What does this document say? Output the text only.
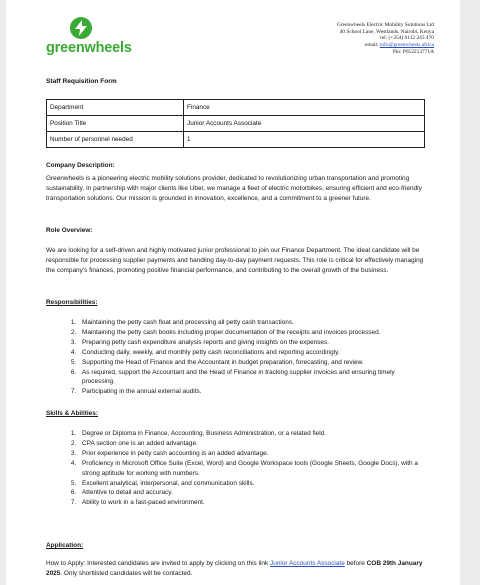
greenwheels
Greenwheels Electric Mobility Solutions Ltd
40 School Lane, Westlands, Nairobi, Kenya
tel: (+254) 0112 243 470
email: info@greenwheels.africa
Pin: P052213771A
Staff Requisition Form
Department	Finance
Position Title	Junior Accounts Associate
Number of personnel needed	1
Company Description:
Greenwheels is a pioneering electric mobility solutions provider, dedicated to revolutionizing urban transportation and promoting sustainability. In partnership with major clients like Uber, we manage a fleet of electric motorbikes, ensuring efficient and eco-friendly transportation solutions. Our mission is grounded in innovation, excellence, and a commitment to a greener future.
Role Overview:
We are looking for a self-driven and highly motivated junior professional to join our Finance Department. The ideal candidate will be responsible for processing supplier payments and handling day-to-day payment requests. This role is critical for effectively managing the company's finances, promoting positive financial performance, and contributing to the overall growth of the business.
Responsibilities:
1. Maintaining the petty cash float and processing all petty cash transactions.
2. Maintaining the petty cash books including proper documentation of the receipts and invoices processed.
3. Preparing petty cash expenditure analysis reports and giving insights on the expenses.
4. Conducting daily, weekly, and monthly petty cash reconciliations and reporting accordingly.
5. Supporting the Head of Finance and the Accountant in budget preparation, forecasting, and review.
6. As required, support the Accountant and the Head of Finance in tracking supplier invoices and ensuring timely processing.
7. Participating in the annual external audits.
Skills & Abilities:
1. Degree or Diploma in Finance, Accounting, Business Administration, or a related field.
2. CPA section one is an added advantage.
3. Prior experience in petty cash accounting is an added advantage.
4. Proficiency in Microsoft Office Suite (Excel, Word) and Google Workspace tools (Google Sheets, Google Docs), with a strong aptitude for working with numbers.
5. Excellent analytical, interpersonal, and communication skills.
6. Attentive to detail and accuracy.
7. Ability to work in a fast-paced environment.
Application:
How to Apply: Interested candidates are invited to apply by clicking on this link Junior Accounts Associate before COB 29th January 2025. Only shortlisted candidates will be contacted.
